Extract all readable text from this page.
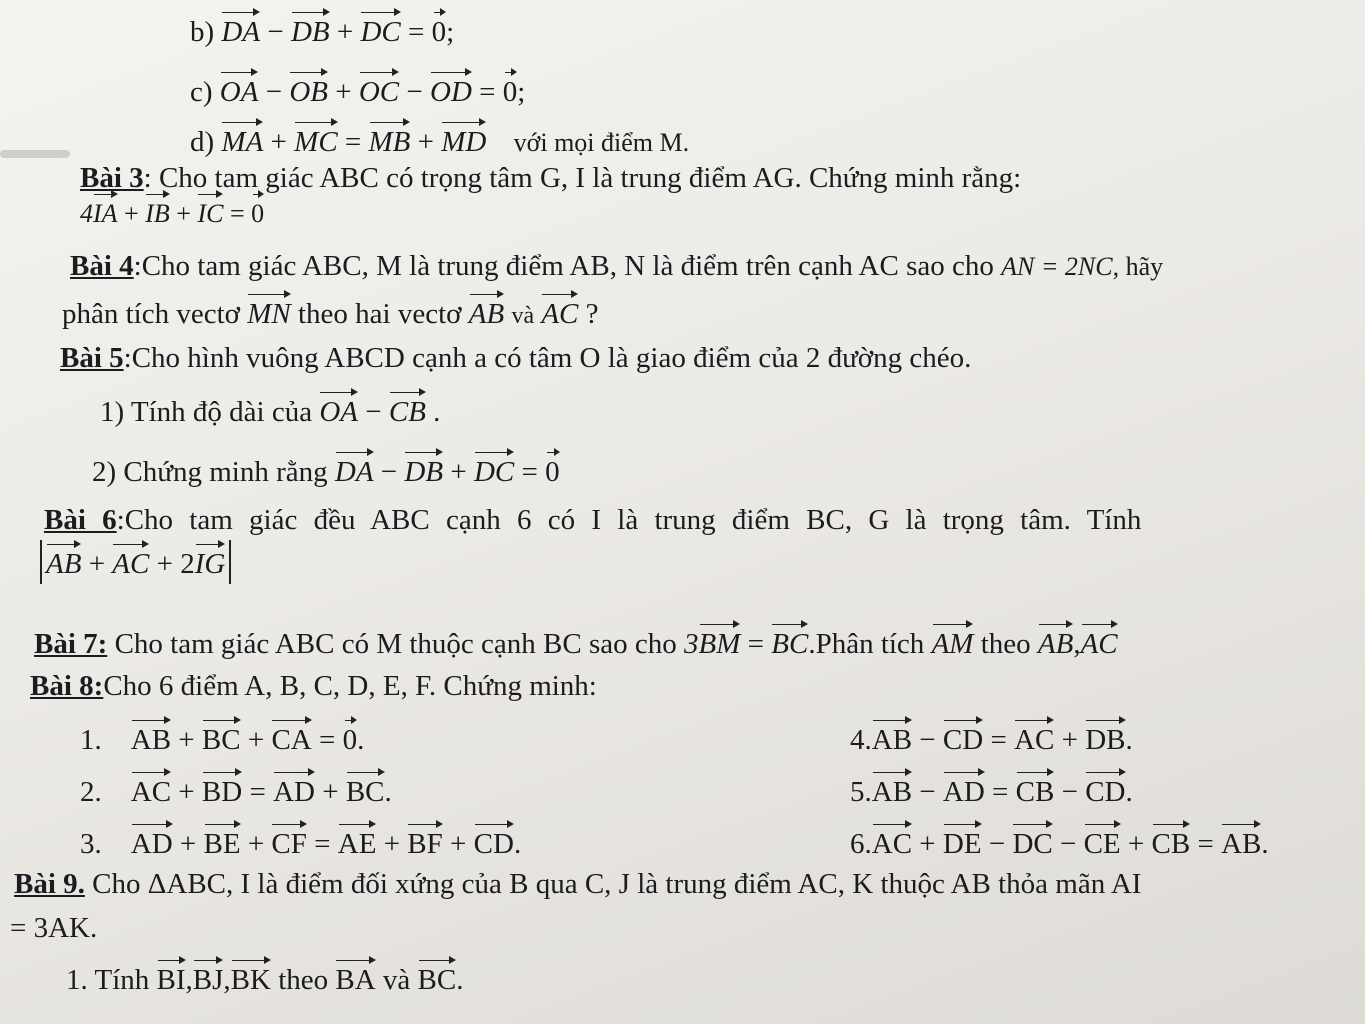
b) DA − DB + DC = 0;
c) OA − OB + OC − OD = 0;
d) MA + MC = MB + MD với mọi điểm M.
Bài 3: Cho tam giác ABC có trọng tâm G, I là trung điểm AG. Chứng minh rằng:
4IA + IB + IC = 0
Bài 4:Cho tam giác ABC, M là trung điểm AB, N là điểm trên cạnh AC sao cho AN = 2NC, hãy
phân tích vectơ MN theo hai vectơ AB và AC ?
Bài 5:Cho hình vuông ABCD cạnh a có tâm O là giao điểm của 2 đường chéo.
1) Tính độ dài của OA − CB .
2) Chứng minh rằng DA − DB + DC = 0
Bài 6:Cho tam giác đều ABC cạnh 6 có I là trung điểm BC, G là trọng tâm. Tính
AB + AC + 2IG
Bài 7: Cho tam giác ABC có M thuộc cạnh BC sao cho 3BM = BC.Phân tích AM theo AB,AC
Bài 8:Cho 6 điểm A, B, C, D, E, F. Chứng minh:
1. AB + BC + CA = 0.
2. AC + BD = AD + BC.
3. AD + BE + CF = AE + BF + CD.
4.AB − CD = AC + DB.
5.AB − AD = CB − CD.
6.AC + DE − DC − CE + CB = AB.
Bài 9. Cho ΔABC, I là điểm đối xứng của B qua C, J là trung điểm AC, K thuộc AB thỏa mãn AI
= 3AK.
1. Tính BI,BJ,BK theo BA và BC.
